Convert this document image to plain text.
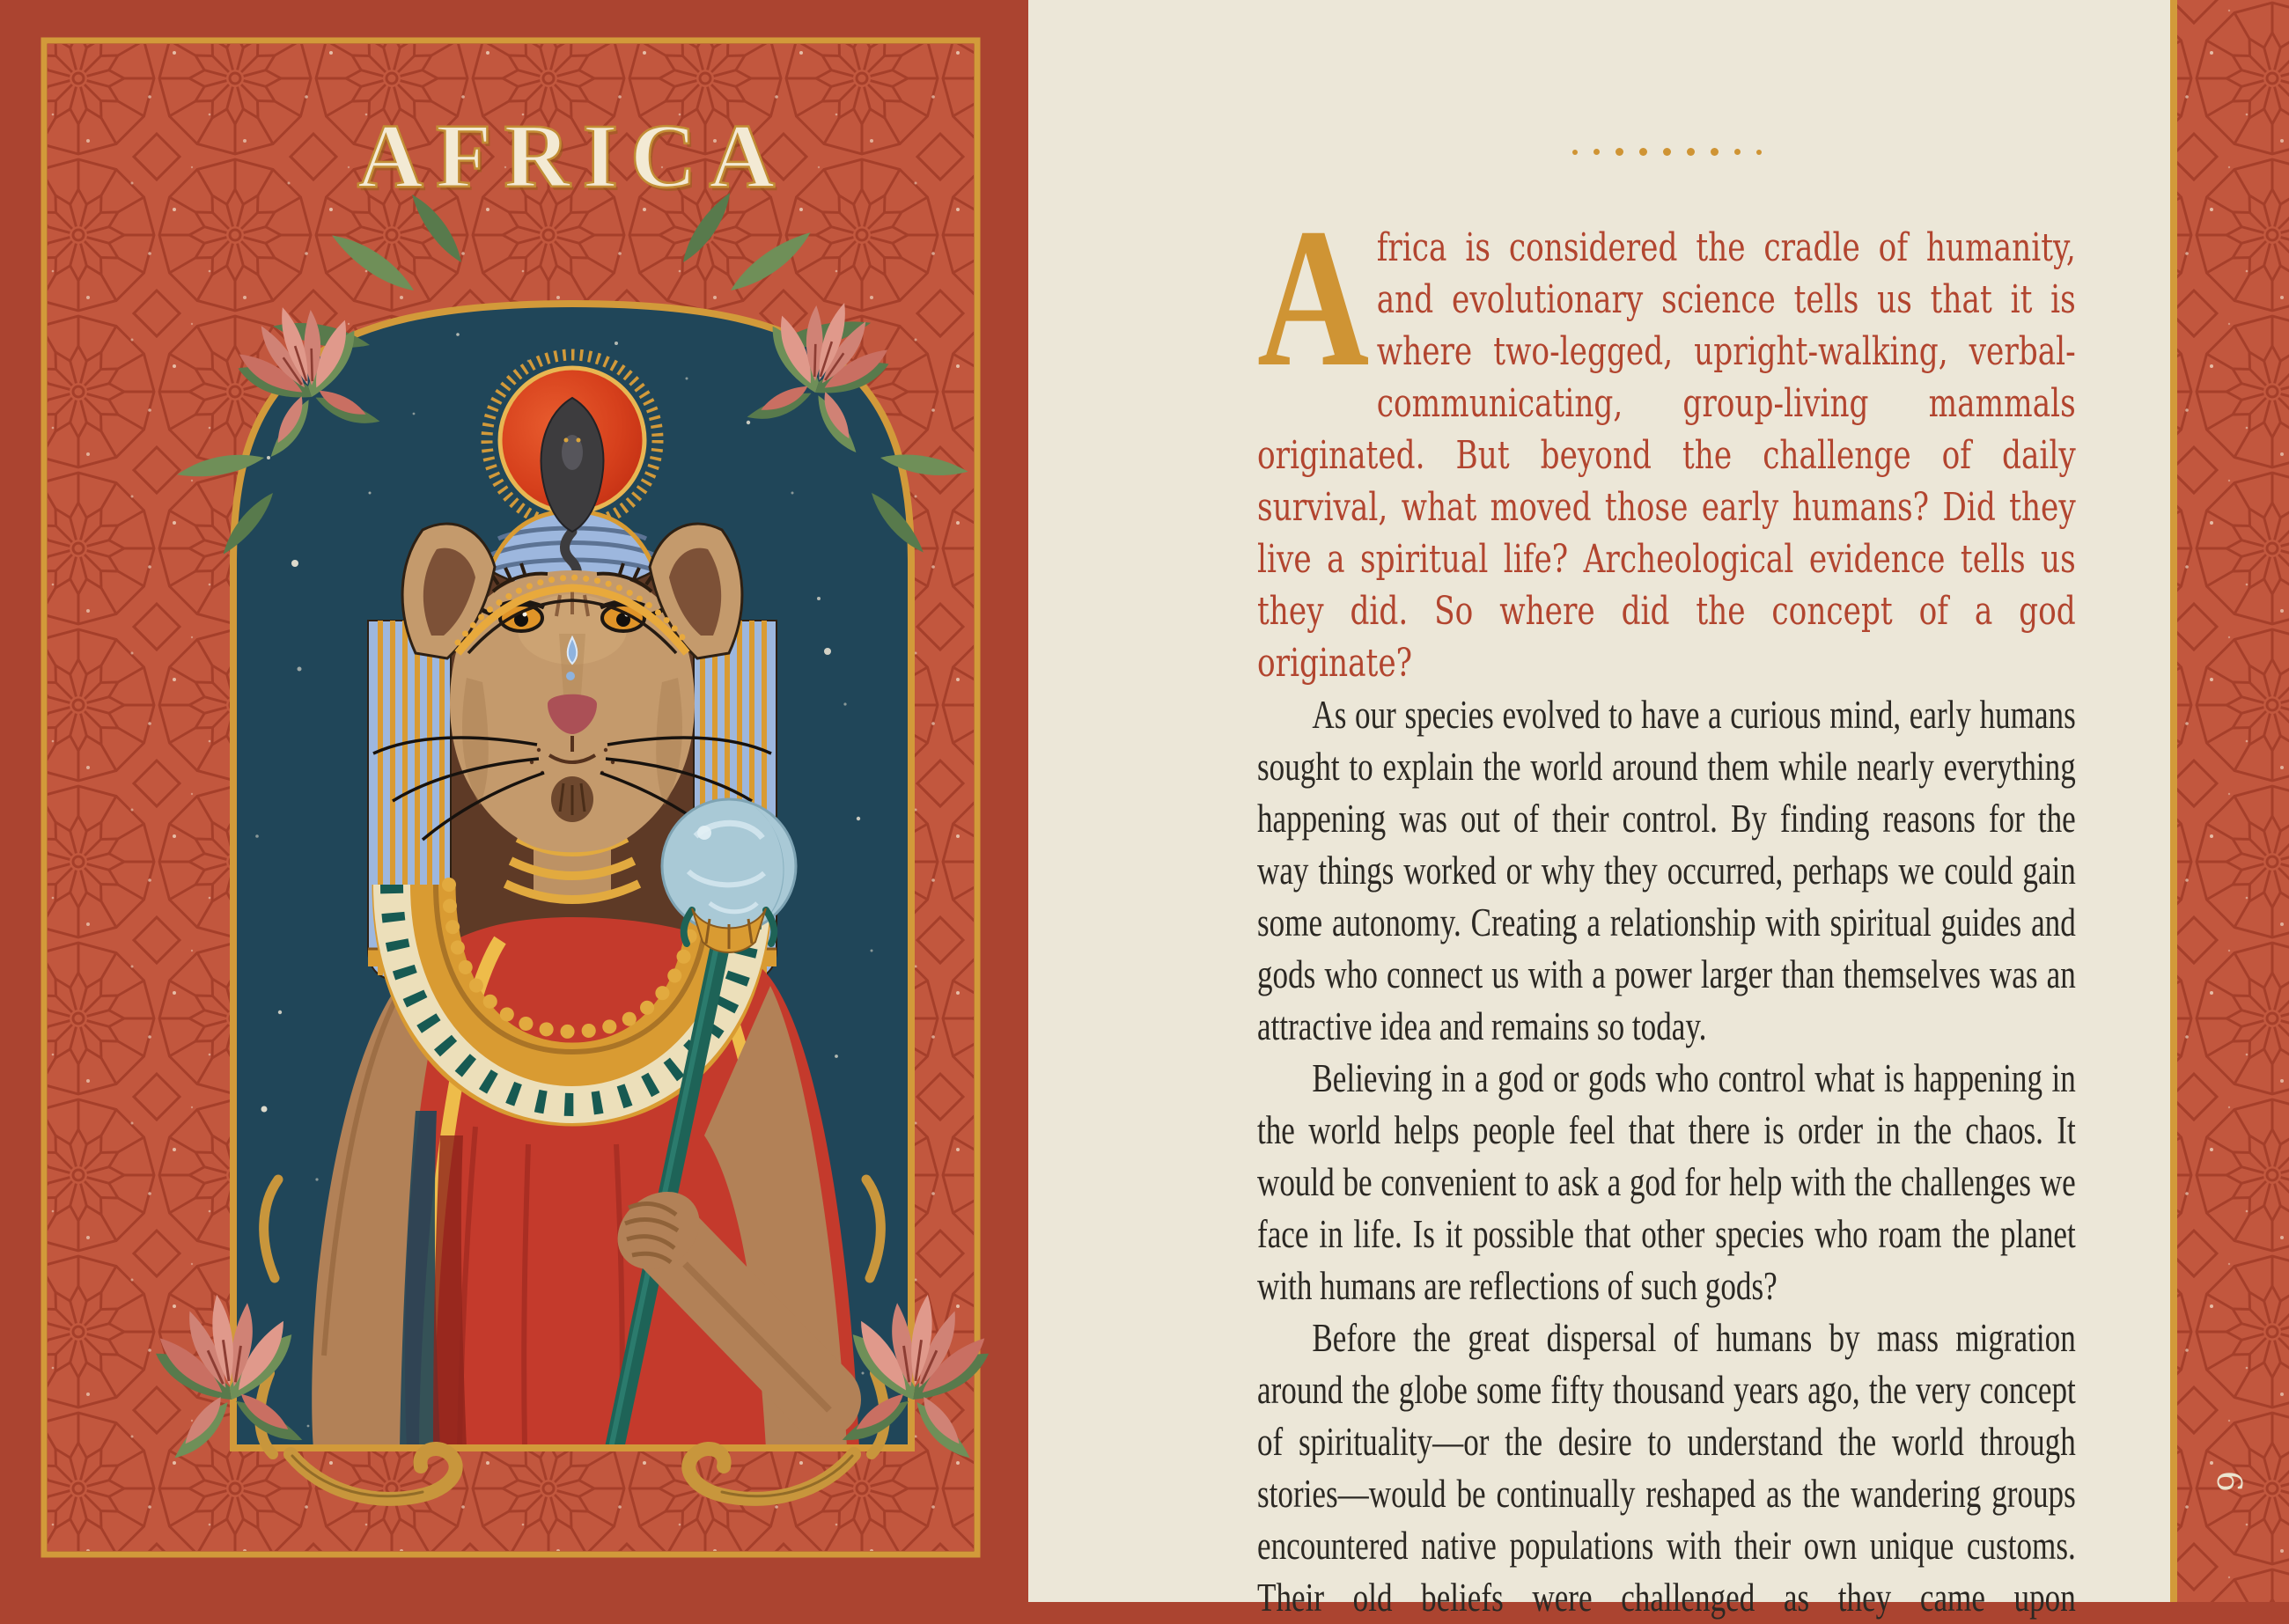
AFRICA

Africa is considered the cradle of humanity, and evolutionary science tells us that it is where two-legged, upright-walking, verbal-communicating, group-living mammals originated. But beyond the challenge of daily survival, what moved those early humans? Did they live a spiritual life? Archeological evidence tells us they did. So where did the concept of a god originate?

As our species evolved to have a curious mind, early humans sought to explain the world around them while nearly everything happening was out of their control. By finding reasons for the way things worked or why they occurred, perhaps we could gain some autonomy. Creating a relationship with spiritual guides and gods who connect us with a power larger than themselves was an attractive idea and remains so today.

Believing in a god or gods who control what is happening in the world helps people feel that there is order in the chaos. It would be convenient to ask a god for help with the challenges we face in life. Is it possible that other species who roam the planet with humans are reflections of such gods?

Before the great dispersal of humans by mass migration around the globe some fifty thousand years ago, the very concept of spirituality—or the desire to understand the world through stories—would be continually reshaped as the wandering groups encountered native populations with their own unique customs. Their old beliefs were challenged as they came upon

6
